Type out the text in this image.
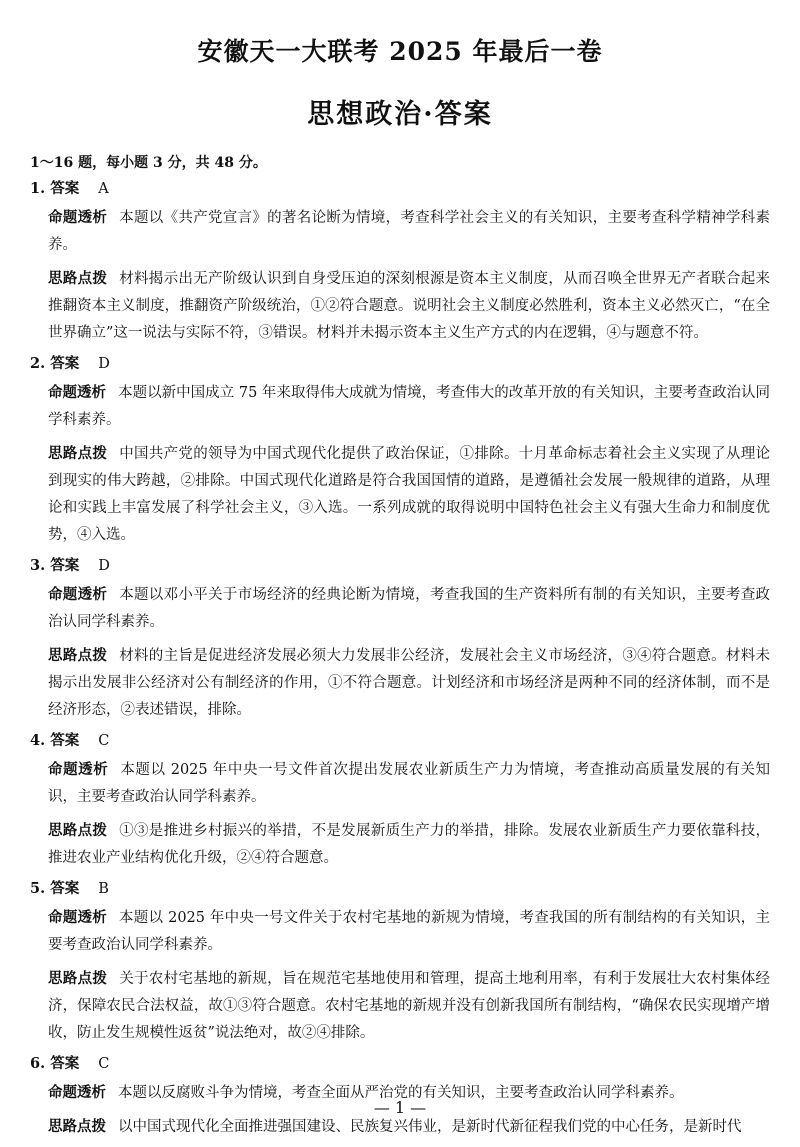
安徽天一大联考 2025 年最后一卷
思想政治·答案
1～16 题，每小题 3 分，共 48 分。
1. 答案 A
命题透析 本题以《共产党宣言》的著名论断为情境，考查科学社会主义的有关知识，主要考查科学精神学科素养。
思路点拨 材料揭示出无产阶级认识到自身受压迫的深刻根源是资本主义制度，从而召唤全世界无产者联合起来推翻资本主义制度，推翻资产阶级统治，①②符合题意。说明社会主义制度必然胜利，资本主义必然灭亡，“在全世界确立”这一说法与实际不符，③错误。材料并未揭示资本主义生产方式的内在逻辑，④与题意不符。
2. 答案 D
命题透析 本题以新中国成立 75 年来取得伟大成就为情境，考查伟大的改革开放的有关知识，主要考查政治认同学科素养。
思路点拨 中国共产党的领导为中国式现代化提供了政治保证，①排除。十月革命标志着社会主义实现了从理论到现实的伟大跨越，②排除。中国式现代化道路是符合我国国情的道路，是遵循社会发展一般规律的道路，从理论和实践上丰富发展了科学社会主义，③入选。一系列成就的取得说明中国特色社会主义有强大生命力和制度优势，④入选。
3. 答案 D
命题透析 本题以邓小平关于市场经济的经典论断为情境，考查我国的生产资料所有制的有关知识，主要考查政治认同学科素养。
思路点拨 材料的主旨是促进经济发展必须大力发展非公经济，发展社会主义市场经济，③④符合题意。材料未揭示出发展非公经济对公有制经济的作用，①不符合题意。计划经济和市场经济是两种不同的经济体制，而不是经济形态，②表述错误，排除。
4. 答案 C
命题透析 本题以 2025 年中央一号文件首次提出发展农业新质生产力为情境，考查推动高质量发展的有关知识，主要考查政治认同学科素养。
思路点拨 ①③是推进乡村振兴的举措，不是发展新质生产力的举措，排除。发展农业新质生产力要依靠科技，推进农业产业结构优化升级，②④符合题意。
5. 答案 B
命题透析 本题以 2025 年中央一号文件关于农村宅基地的新规为情境，考查我国的所有制结构的有关知识，主要考查政治认同学科素养。
思路点拨 关于农村宅基地的新规，旨在规范宅基地使用和管理，提高土地利用率，有利于发展壮大农村集体经济，保障农民合法权益，故①③符合题意。农村宅基地的新规并没有创新我国所有制结构，“确保农民实现增产增收，防止发生规模性返贫”说法绝对，故②④排除。
6. 答案 C
命题透析 本题以反腐败斗争为情境，考查全面从严治党的有关知识，主要考查政治认同学科素养。
思路点拨 以中国式现代化全面推进强国建设、民族复兴伟业，是新时代新征程我们党的中心任务，是新时代
— 1 —
